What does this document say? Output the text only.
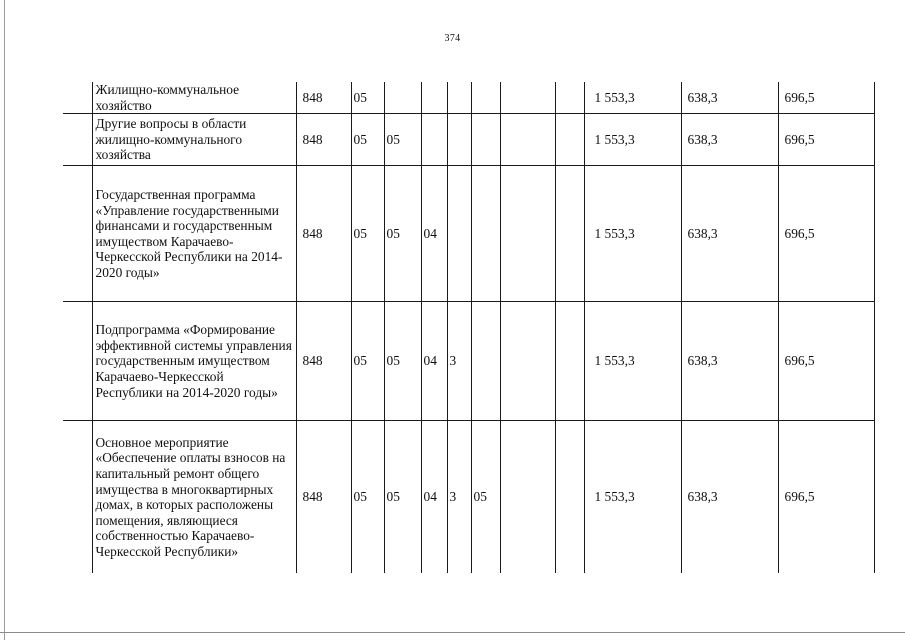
374
	Жилищно-коммунальное хозяйство	848	05							1 553,3	638,3	696,5
	Другие вопросы в области жилищно-коммунального хозяйства	848	05	05						1 553,3	638,3	696,5
	Государственная программа «Управление государственными финансами и государственным имуществом Карачаево-Черкесской Республики на 2014-2020 годы»	848	05	05	04					1 553,3	638,3	696,5
	Подпрограмма «Формирование эффективной системы управления государственным имуществом Карачаево-Черкесской Республики на 2014-2020 годы»	848	05	05	04	3				1 553,3	638,3	696,5
	Основное мероприятие «Обеспечение оплаты взносов на капитальный ремонт общего имущества в многоквартирных домах, в которых расположены помещения, являющиеся собственностью Карачаево-Черкесской Республики»	848	05	05	04	3	05			1 553,3	638,3	696,5
